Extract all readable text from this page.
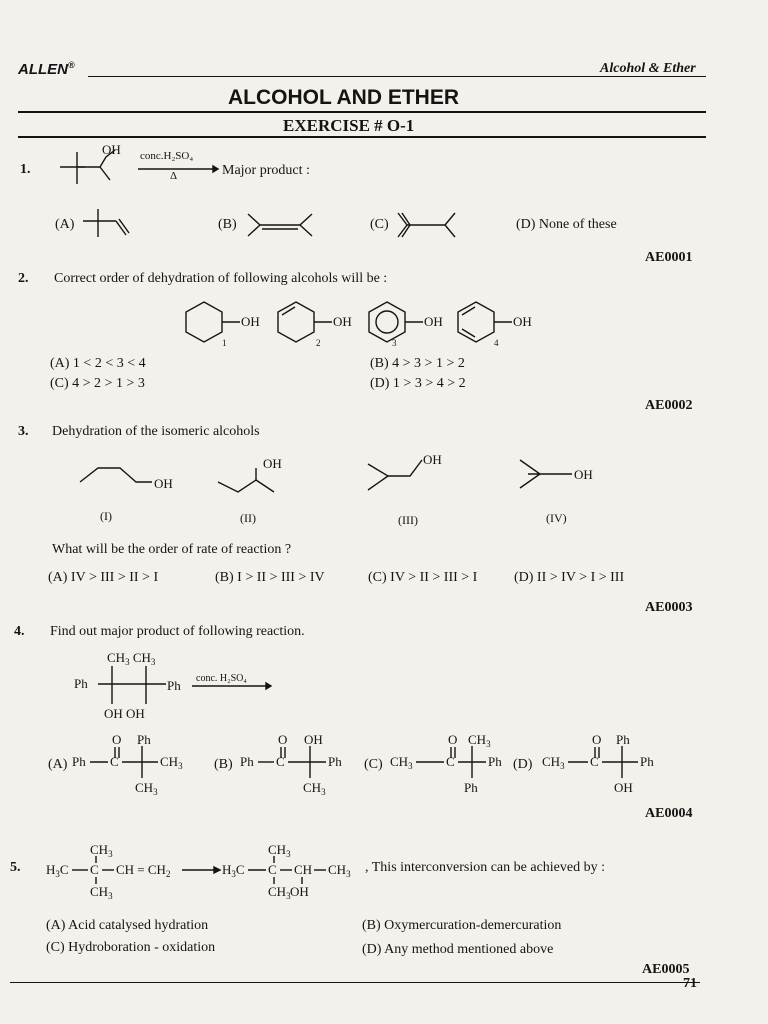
ALLEN®	Alcohol & Ether
ALCOHOL AND ETHER
EXERCISE # O-1
1.
OH conc.H₂SO₄
Δ	Major product :
(A)	(B)	(C)	(D) None of these
AE0001
2. Correct order of dehydration of following alcohols will be :
OH
1
OH
2
OH
3
OH
4
(A) 1 < 2 < 3 < 4	(B) 4 > 3 > 1 > 2
(C) 4 > 2 > 1 > 3	(D) 1 > 3 > 4 > 2
AE0002
3. Dehydration of the isomeric alcohols
OH
(I)
OH
(II)
OH
(III)
OH
(IV)
What will be the order of rate of reaction ?
(A) IV > III > II > I	(B) I > II > III > IV	(C) IV > II > III > I	(D) II > IV > I > III
AE0003
4. Find out major product of following reaction.
$CH_3$ $CH_3$
Ph	Ph
OH OH
conc. H₂SO₄
(A)
O
Ph C
Ph
$CH_3$
$CH_3$
(B)
O
Ph C
OH
Ph
$CH_3$
(C)
O
$CH_3$	C
$CH_3$
Ph
Ph
(D)
O
$CH_3$ C
Ph
Ph
OH
AE0004
5.
$CH_3$
$H_3C$ C
$CH_3$
CH = $CH_2$
$CH_3$
$H_3C$ C
$CH_3$
CH
OH
$CH_3$ , This interconversion can be achieved by :
(A) Acid catalysed hydration	(B) Oxymercuration-demercuration
(C) Hydroboration - oxidation	(D) Any method mentioned above
AE0005
71
